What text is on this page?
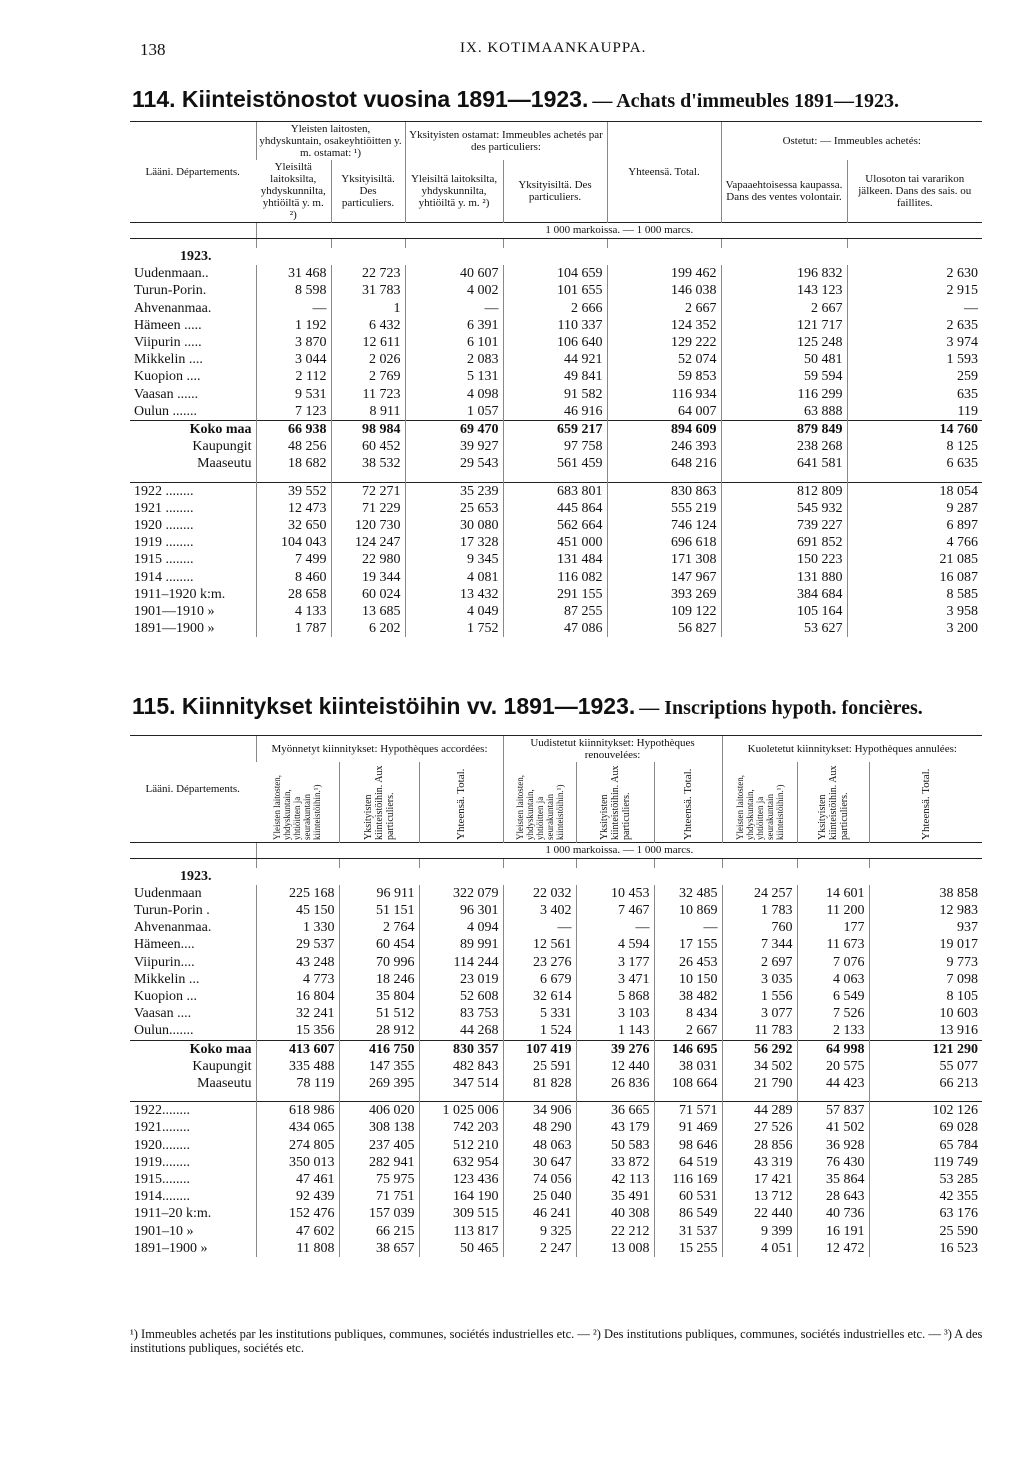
138	IX. KOTIMAANKAUPPA.
114. Kiinteistönostot vuosina 1891—1923. — Achats d'immeubles 1891—1923.
Lääni. Départements.	Yleisten laitosten, yhdyskuntain, osakeyhtiöitten y. m. ostamat: ¹)		Yksityisten ostamat: Immeubles achetés par des particuliers:		Yhteensä. Total.	Ostetut: — Immeubles achetés:	
	Yleisiltä laitoksilta, yhdyskunnilta, yhtiöiltä y. m. ²)	Yksityisiltä. Des particuliers.	Yleisiltä laitoksilta, yhdyskunnilta, yhtiöiltä y. m. ²)	Yksityisiltä. Des particuliers.		Vapaaehtoisessa kaupassa. Dans des ventes volontair.	Ulosoton tai vararikon jälkeen. Dans des sais. ou faillites.
	1 000 markoissa. — 1 000 marcs.						

1923.							
Uudenmaan..	31 468	22 723	40 607	104 659	199 462	196 832	2 630
Turun-Porin.	8 598	31 783	4 002	101 655	146 038	143 123	2 915
Ahvenanmaa.	—	1	—	2 666	2 667	2 667	—
Hämeen .....	1 192	6 432	6 391	110 337	124 352	121 717	2 635
Viipurin .....	3 870	12 611	6 101	106 640	129 222	125 248	3 974
Mikkelin ....	3 044	2 026	2 083	44 921	52 074	50 481	1 593
Kuopion ....	2 112	2 769	5 131	49 841	59 853	59 594	259
Vaasan ......	9 531	11 723	4 098	91 582	116 934	116 299	635
Oulun .......	7 123	8 911	1 057	46 916	64 007	63 888	119
Koko maa	66 938	98 984	69 470	659 217	894 609	879 849	14 760
Kaupungit	48 256	60 452	39 927	97 758	246 393	238 268	8 125
Maaseutu	18 682	38 532	29 543	561 459	648 216	641 581	6 635

1922 ........	39 552	72 271	35 239	683 801	830 863	812 809	18 054
1921 ........	12 473	71 229	25 653	445 864	555 219	545 932	9 287
1920 ........	32 650	120 730	30 080	562 664	746 124	739 227	6 897
1919 ........	104 043	124 247	17 328	451 000	696 618	691 852	4 766
1915 ........	7 499	22 980	9 345	131 484	171 308	150 223	21 085
1914 ........	8 460	19 344	4 081	116 082	147 967	131 880	16 087
1911–1920 k:m.	28 658	60 024	13 432	291 155	393 269	384 684	8 585
1901—1910 »	4 133	13 685	4 049	87 255	109 122	105 164	3 958
1891—1900 »	1 787	6 202	1 752	47 086	56 827	53 627	3 200
115. Kiinnitykset kiinteistöihin vv. 1891—1923. — Inscriptions hypoth. foncières.
Lääni. Départements.	Myönnetyt kiinnitykset: Hypothèques accordées:			Uudistetut kiinnitykset: Hypothèques renouvelées:			Kuoletetut kiinnitykset: Hypothèques annulées:		

	Yleisten laitosten, yhdyskuntain, yhtiöitten ja seurakuntain kiinteistöihin.¹)	Yksityisten kiinteistöihin. Aux particuliers.	Yhteensä. Total.	Yleisten laitosten, yhdyskuntain, yhtiöitten ja seurakuntain kiinteistöihin.¹)	Yksityisten kiinteistöihin. Aux particuliers.	Yhteensä. Total.	Yleisten laitosten, yhdyskuntain, yhtiöitten ja seurakuntain kiinteistöihin.¹)	Yksityisten kiinteistöihin. Aux particuliers.	Yhteensä. Total.

	1 000 markoissa. — 1 000 marcs.								

1923.									
Uudenmaan	225 168	96 911	322 079	22 032	10 453	32 485	24 257	14 601	38 858
Turun-Porin .	45 150	51 151	96 301	3 402	7 467	10 869	1 783	11 200	12 983
Ahvenanmaa.	1 330	2 764	4 094	—	—	—	760	177	937
Hämeen....	29 537	60 454	89 991	12 561	4 594	17 155	7 344	11 673	19 017
Viipurin....	43 248	70 996	114 244	23 276	3 177	26 453	2 697	7 076	9 773
Mikkelin ...	4 773	18 246	23 019	6 679	3 471	10 150	3 035	4 063	7 098
Kuopion ...	16 804	35 804	52 608	32 614	5 868	38 482	1 556	6 549	8 105
Vaasan ....	32 241	51 512	83 753	5 331	3 103	8 434	3 077	7 526	10 603
Oulun.......	15 356	28 912	44 268	1 524	1 143	2 667	11 783	2 133	13 916
Koko maa	413 607	416 750	830 357	107 419	39 276	146 695	56 292	64 998	121 290
Kaupungit	335 488	147 355	482 843	25 591	12 440	38 031	34 502	20 575	55 077
Maaseutu	78 119	269 395	347 514	81 828	26 836	108 664	21 790	44 423	66 213

1922........	618 986	406 020	1 025 006	34 906	36 665	71 571	44 289	57 837	102 126
1921........	434 065	308 138	742 203	48 290	43 179	91 469	27 526	41 502	69 028
1920........	274 805	237 405	512 210	48 063	50 583	98 646	28 856	36 928	65 784
1919........	350 013	282 941	632 954	30 647	33 872	64 519	43 319	76 430	119 749
1915........	47 461	75 975	123 436	74 056	42 113	116 169	17 421	35 864	53 285
1914........	92 439	71 751	164 190	25 040	35 491	60 531	13 712	28 643	42 355
1911–20 k:m.	152 476	157 039	309 515	46 241	40 308	86 549	22 440	40 736	63 176
1901–10 »	47 602	66 215	113 817	9 325	22 212	31 537	9 399	16 191	25 590
1891–1900 »	11 808	38 657	50 465	2 247	13 008	15 255	4 051	12 472	16 523
¹) Immeubles achetés par les institutions publiques, communes, sociétés industrielles etc. — ²) Des institutions publiques, communes, sociétés industrielles etc. — ³) A des institutions publiques, sociétés etc.
